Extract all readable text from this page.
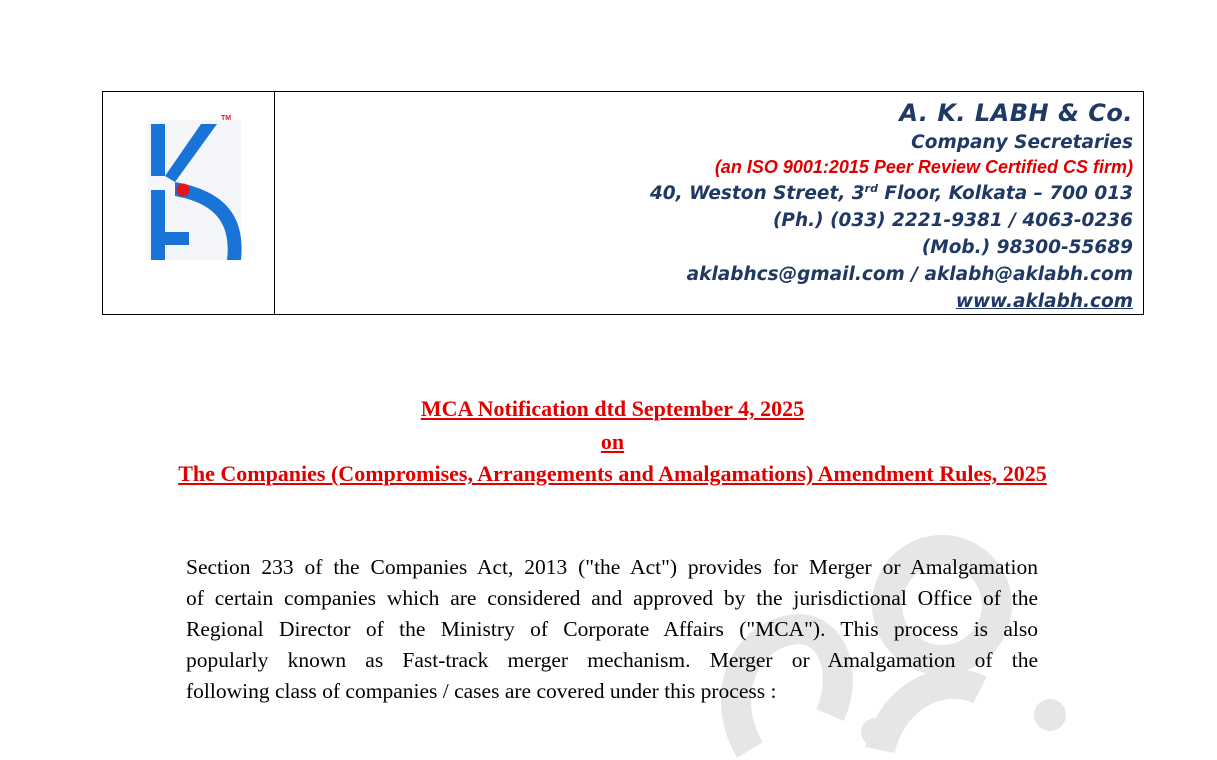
TM	A. K. LABH & Co.
Company Secretaries
(an ISO 9001:2015 Peer Review Certified CS firm)
40, Weston Street, 3rd Floor, Kolkata – 700 013
(Ph.) (033) 2221-9381 / 4063-0236
(Mob.) 98300-55689
aklabhcs@gmail.com / aklabh@aklabh.com
www.aklabh.com
MCA Notification dtd September 4, 2025
on
The Companies (Compromises, Arrangements and Amalgamations) Amendment Rules, 2025
Section 233 of the Companies Act, 2013 ("the Act") provides for Merger or Amalgamation
of certain companies which are considered and approved by the jurisdictional Office of the
Regional Director of the Ministry of Corporate Affairs ("MCA"). This process is also
popularly known as Fast-track merger mechanism. Merger or Amalgamation of the
following class of companies / cases are covered under this process :
